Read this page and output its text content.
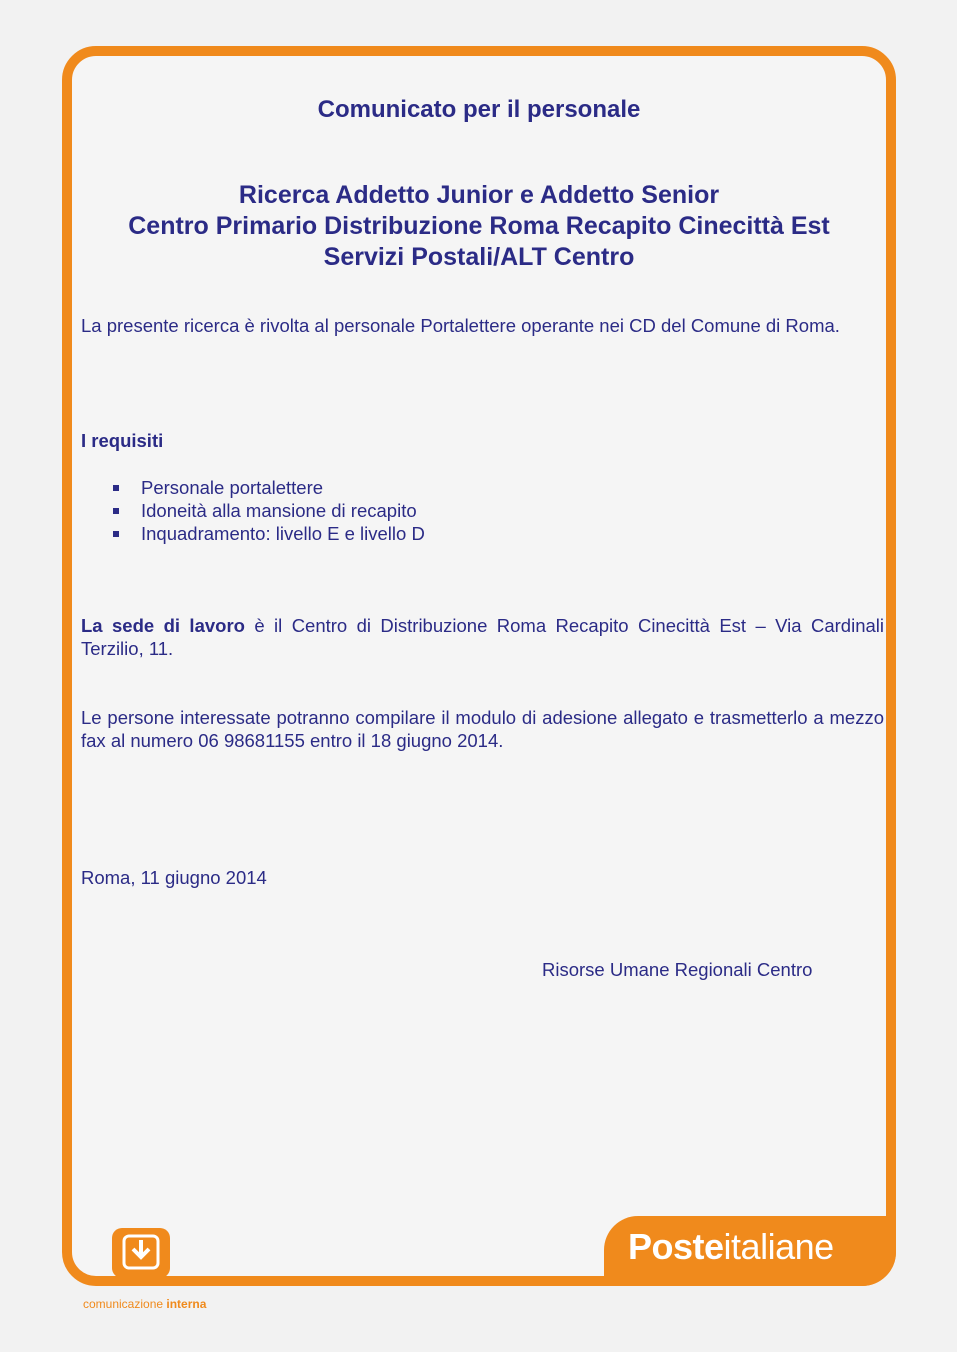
Comunicato per il personale
Ricerca Addetto Junior e Addetto Senior
Centro Primario Distribuzione Roma Recapito Cinecittà Est
Servizi Postali/ALT Centro

La presente ricerca è rivolta al personale Portalettere operante nei CD del Comune di Roma.

I requisiti

Personale portalettere
Idoneità alla mansione di recapito
Inquadramento: livello E e livello D

La sede di lavoro è il Centro di Distribuzione Roma Recapito Cinecittà Est – Via Cardinali Terzilio, 11.

Le persone interessate potranno compilare il modulo di adesione allegato e trasmetterlo a mezzo fax al numero 06 98681155 entro il 18 giugno 2014.

Roma, 11 giugno 2014

Risorse Umane Regionali Centro

comunicazione interna
Posteitaliane
